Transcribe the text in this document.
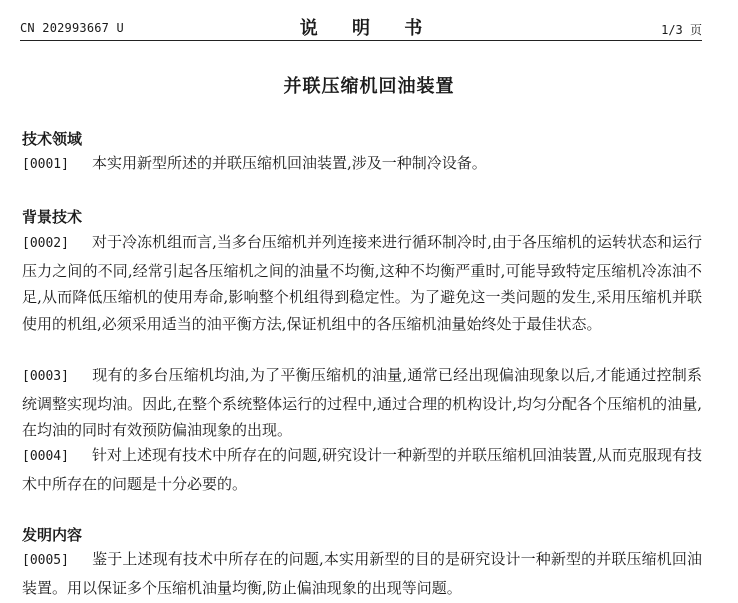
CN 202993667 U	说 明 书	1/3 页
并联压缩机回油装置
技术领域
[0001] 本实用新型所述的并联压缩机回油装置,涉及一种制冷设备。
背景技术
[0002] 对于冷冻机组而言,当多台压缩机并列连接来进行循环制冷时,由于各压缩机的运转状态和运行压力之间的不同,经常引起各压缩机之间的油量不均衡,这种不均衡严重时,可能导致特定压缩机冷冻油不足,从而降低压缩机的使用寿命,影响整个机组得到稳定性。为了避免这一类问题的发生,采用压缩机并联使用的机组,必须采用适当的油平衡方法,保证机组中的各压缩机油量始终处于最佳状态。
[0003] 现有的多台压缩机均油,为了平衡压缩机的油量,通常已经出现偏油现象以后,才能通过控制系统调整实现均油。因此,在整个系统整体运行的过程中,通过合理的机构设计,均匀分配各个压缩机的油量,在均油的同时有效预防偏油现象的出现。
[0004] 针对上述现有技术中所存在的问题,研究设计一种新型的并联压缩机回油装置,从而克服现有技术中所存在的问题是十分必要的。
发明内容
[0005] 鉴于上述现有技术中所存在的问题,本实用新型的目的是研究设计一种新型的并联压缩机回油装置。用以保证多个压缩机油量均衡,防止偏油现象的出现等问题。
